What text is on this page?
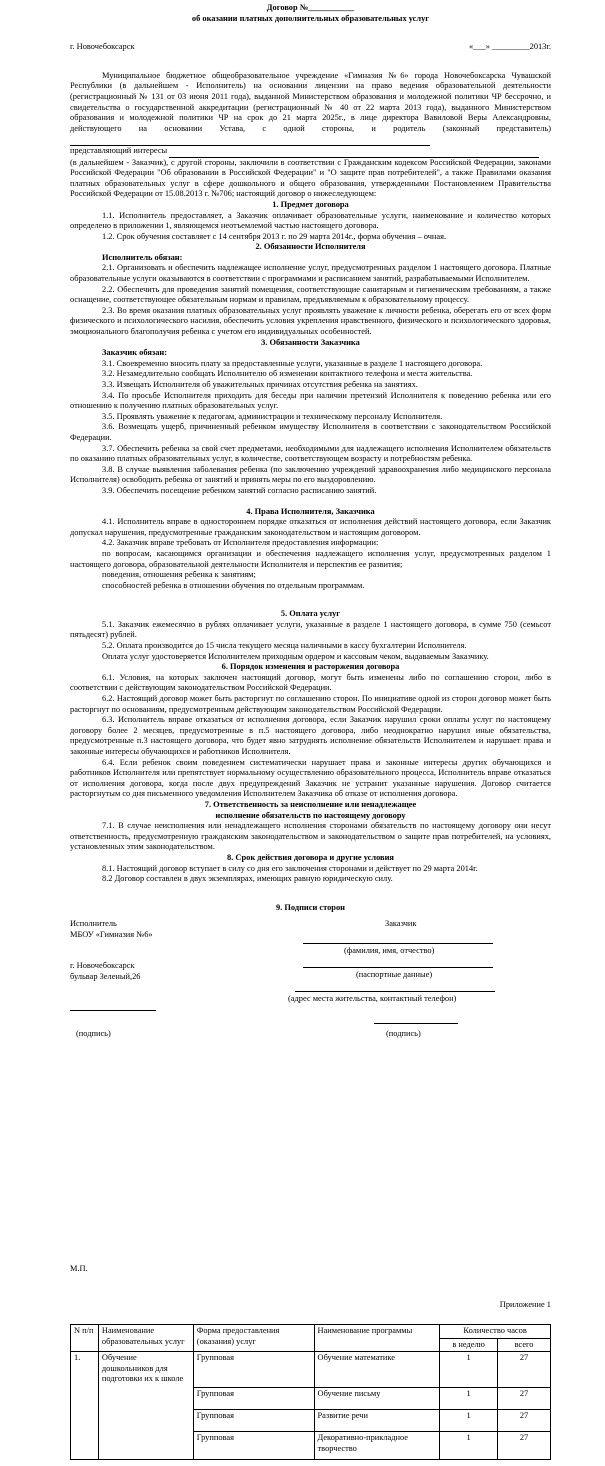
Договор №___________

об оказании платных дополнительных образовательных услуг

г. Новочебоксарск	«___» _________2013г.

Муниципальное бюджетное общеобразовательное учреждение «Гимназия №6» города Новочебоксарска Чувашской Республики (в дальнейшем - Исполнитель) на основании лицензии на право ведения образовательной деятельности (регистрационный № 131 от 03 июня 2011 года), выданной Министерством образования и молодежной политики ЧР бессрочно, и свидетельства о государственной аккредитации (регистрационный № 40 от 22 марта 2013 года), выданного Министерством образования и молодежной политики ЧР на срок до 21 марта 2025г., в лице директора Вавиловой Веры Александровны, действующего на основании Устава, с одной стороны, и родитель (законный представитель)

представляющий интересы

(в дальнейшем - Заказчик), с другой стороны, заключили в соответствии с Гражданским кодексом Российской Федерации, законами Российской Федерации "Об образовании в Российской Федерации" и "О защите прав потребителей", а также Правилами оказания платных образовательных услуг в сфере дошкольного и общего образования, утвержденными Постановлением Правительства Российской Федерации от 15.08.2013 г. №706; настоящий договор о нижеследующем:

1. Предмет договора

1.1. Исполнитель предоставляет, а Заказчик оплачивает образовательные услуги, наименование и количество которых определено в приложении 1, являющемся неотъемлемой частью настоящего договора.

1.2. Срок обучения составляет с 14 сентября 2013 г. по 29 марта 2014г., форма обучения – очная.

2. Обязанности Исполнителя

Исполнитель обязан:

2.1. Организовать и обеспечить надлежащее исполнение услуг, предусмотренных разделом 1 настоящего договора. Платные образовательные услуги оказываются в соответствии с программами и расписанием занятий, разрабатываемыми Исполнителем.

2.2. Обеспечить для проведения занятий помещения, соответствующие санитарным и гигиеническим требованиям, а также оснащение, соответствующее обязательным нормам и правилам, предъявляемым к образовательному процессу.

2.3. Во время оказания платных образовательных услуг проявлять уважение к личности ребенка, оберегать его от всех форм физического и психологического насилия, обеспечить условия укрепления нравственного, физического и психологического здоровья, эмоционального благополучия ребенка с учетом его индивидуальных особенностей.

3. Обязанности Заказчика

Заказчик обязан:

3.1. Своевременно вносить плату за предоставленные услуги, указанные в разделе 1 настоящего договора.

3.2. Незамедлительно сообщать Исполнителю об изменении контактного телефона и места жительства.

3.3. Извещать Исполнителя об уважительных причинах отсутствия ребенка на занятиях.

3.4. По просьбе Исполнителя приходить для беседы при наличии претензий Исполнителя к поведению ребенка или его отношению к получению платных образовательных услуг.

3.5. Проявлять уважение к педагогам, администрации и техническому персоналу Исполнителя.

3.6. Возмещать ущерб, причиненный ребенком имуществу Исполнителя в соответствии с законодательством Российской Федерации.

3.7. Обеспечить ребенка за свой счет предметами, необходимыми для надлежащего исполнения Исполнителем обязательств по оказанию платных образовательных услуг, в количестве, соответствующем возрасту и потребностям ребенка.

3.8. В случае выявления заболевания ребенка (по заключению учреждений здравоохранения либо медицинского персонала Исполнителя) освободить ребенка от занятий и принять меры по его выздоровлению.

3.9. Обеспечить посещение ребенком занятий согласно расписанию занятий.

4. Права Исполнителя, Заказчика

4.1. Исполнитель вправе в одностороннем порядке отказаться от исполнения действий настоящего договора, если Заказчик допускал нарушения, предусмотренные гражданским законодательством и настоящим договором.

4.2. Заказчик вправе требовать от Исполнителя предоставления информации:

по вопросам, касающимся организации и обеспечения надлежащего исполнения услуг, предусмотренных разделом 1 настоящего договора, образовательной деятельности Исполнителя и перспектив ее развития;

поведения, отношения ребенка к занятиям;

способностей ребенка в отношении обучения по отдельным программам.

5. Оплата услуг

5.1. Заказчик ежемесячно в рублях оплачивает услуги, указанные в разделе 1 настоящего договора, в сумме 750 (семьсот пятьдесят) рублей.

5.2. Оплата производится до 15 числа текущего месяца наличными в кассу бухгалтерии Исполнителя.

Оплата услуг удостоверяется Исполнителем приходным ордером и кассовым чеком, выдаваемым Заказчику.

6. Порядок изменения и расторжения договора

6.1. Условия, на которых заключен настоящий договор, могут быть изменены либо по соглашению сторон, либо в соответствии с действующим законодательством Российской Федерации.

6.2. Настоящий договор может быть расторгнут по соглашению сторон. По инициативе одной из сторон договор может быть расторгнут по основаниям, предусмотренным действующим законодательством Российской Федерации.

6.3. Исполнитель вправе отказаться от исполнения договора, если Заказчик нарушил сроки оплаты услуг по настоящему договору более 2 месяцев, предусмотренные в п.5 настоящего договора, либо неоднократно нарушил иные обязательства, предусмотренные п.3 настоящего договора, что будет явно затруднять исполнение обязательств Исполнителем и нарушает права и законные интересы обучающихся и работников Исполнителя.

6.4. Если ребенок своим поведением систематически нарушает права и законные интересы других обучающихся и работников Исполнителя или препятствует нормальному осуществлению образовательного процесса, Исполнитель вправе отказаться от исполнения договора, когда после двух предупреждений Заказчик не устранит указанные нарушения. Договор считается расторгнутым со дня письменного уведомления Исполнителем Заказчика об отказе от исполнения договора.

7. Ответственность за неисполнение или ненадлежащее

исполнение обязательств по настоящему договору

7.1. В случае неисполнения или ненадлежащего исполнения сторонами обязательств по настоящему договору они несут ответственность, предусмотренную гражданским законодательством и законодательством о защите прав потребителей, на условиях, установленных этим законодательством.

8. Срок действия договора и другие условия

8.1. Настоящий договор вступает в силу со дня его заключения сторонами и действует по 29 марта 2014г.

8.2 Договор составлен в двух экземплярах, имеющих равную юридическую силу.

9. Подписи сторон

Исполнитель
МБОУ «Гимназия №6»
г. Новочебоксарск
бульвар Зеленый,26
(подпись)
Заказчик
(фамилия, имя, отчество)
(паспортные данные)
(адрес места жительства, контактный телефон)
(подпись)
М.П.
Приложение 1
N п/п	Наименование образовательных услуг	Форма предоставления (оказания) услуг	Наименование программы	Количество часов	
				в неделю	всего
1.	Обучение дошкольников для подготовки их к школе	Групповая	Обучение математике	1	27
		Групповая	Обучение письму	1	27
		Групповая	Развитие речи	1	27
		Групповая	Декоративно-прикладное творчество	1	27
